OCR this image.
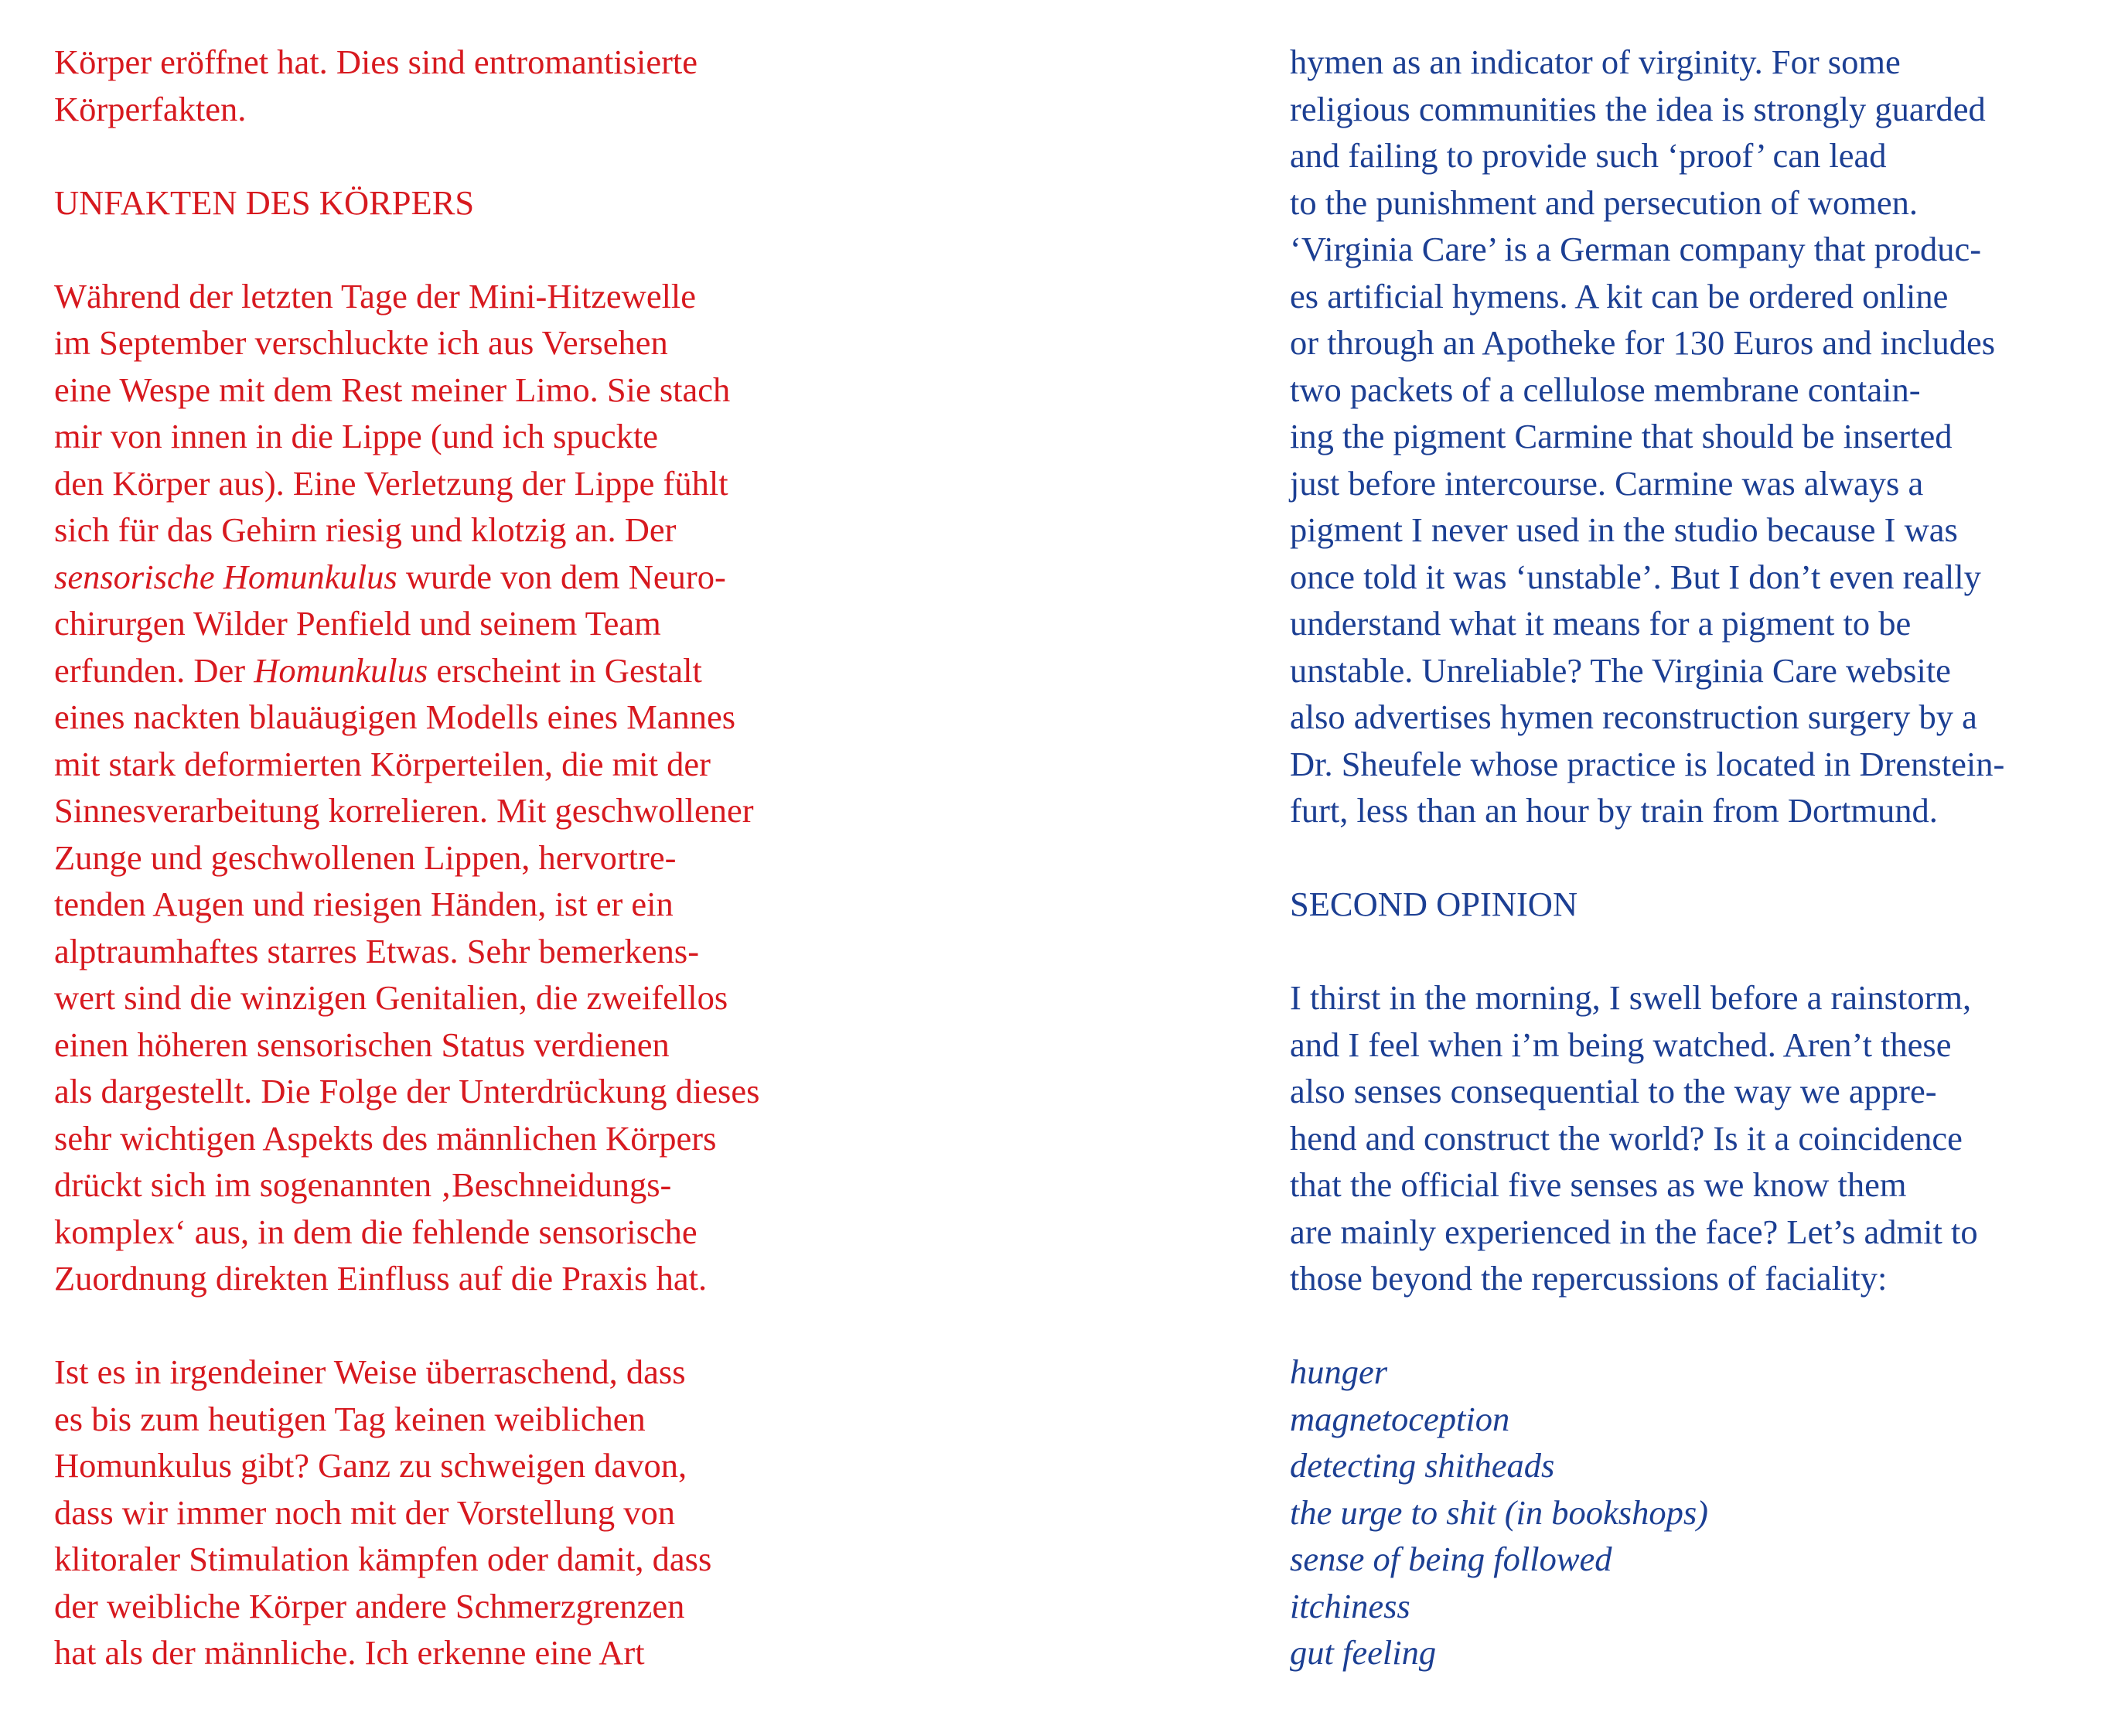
Körper eröffnet hat. Dies sind entromantisierte
Körperfakten.
UNFAKTEN DES KÖRPERS
Während der letzten Tage der Mini-Hitzewelle
im September verschluckte ich aus Versehen
eine Wespe mit dem Rest meiner Limo. Sie stach
mir von innen in die Lippe (und ich spuckte
den Körper aus). Eine Verletzung der Lippe fühlt
sich für das Gehirn riesig und klotzig an. Der
sensorische Homunkulus wurde von dem Neuro-
chirurgen Wilder Penfield und seinem Team
erfunden. Der Homunkulus erscheint in Gestalt
eines nackten blauäugigen Modells eines Mannes
mit stark deformierten Körperteilen, die mit der
Sinnesverarbeitung korrelieren. Mit geschwollener
Zunge und geschwollenen Lippen, hervortre-
tenden Augen und riesigen Händen, ist er ein
alptraumhaftes starres Etwas. Sehr bemerkens-
wert sind die winzigen Genitalien, die zweifellos
einen höheren sensorischen Status verdienen
als dargestellt. Die Folge der Unterdrückung dieses
sehr wichtigen Aspekts des männlichen Körpers
drückt sich im sogenannten ‚Beschneidungs-
komplex‘ aus, in dem die fehlende sensorische
Zuordnung direkten Einfluss auf die Praxis hat.
Ist es in irgendeiner Weise überraschend, dass
es bis zum heutigen Tag keinen weiblichen
Homunkulus gibt? Ganz zu schweigen davon,
dass wir immer noch mit der Vorstellung von
klitoraler Stimulation kämpfen oder damit, dass
der weibliche Körper andere Schmerzgrenzen
hat als der männliche. Ich erkenne eine Art
hymen as an indicator of virginity. For some
religious communities the idea is strongly guarded
and failing to provide such ‘proof’ can lead
to the punishment and persecution of women.
‘Virginia Care’ is a German company that produc-
es artificial hymens. A kit can be ordered online
or through an Apotheke for 130 Euros and includes
two packets of a cellulose membrane contain-
ing the pigment Carmine that should be inserted
just before intercourse. Carmine was always a
pigment I never used in the studio because I was
once told it was ‘unstable’. But I don’t even really
understand what it means for a pigment to be
unstable. Unreliable? The Virginia Care website
also advertises hymen reconstruction surgery by a
Dr. Sheufele whose practice is located in Drenstein-
furt, less than an hour by train from Dortmund.
SECOND OPINION
I thirst in the morning, I swell before a rainstorm,
and I feel when i’m being watched. Aren’t these
also senses consequential to the way we appre-
hend and construct the world? Is it a coincidence
that the official five senses as we know them
are mainly experienced in the face? Let’s admit to
those beyond the repercussions of faciality:
hunger
magnetoception
detecting shitheads
the urge to shit (in bookshops)
sense of being followed
itchiness
gut feeling
